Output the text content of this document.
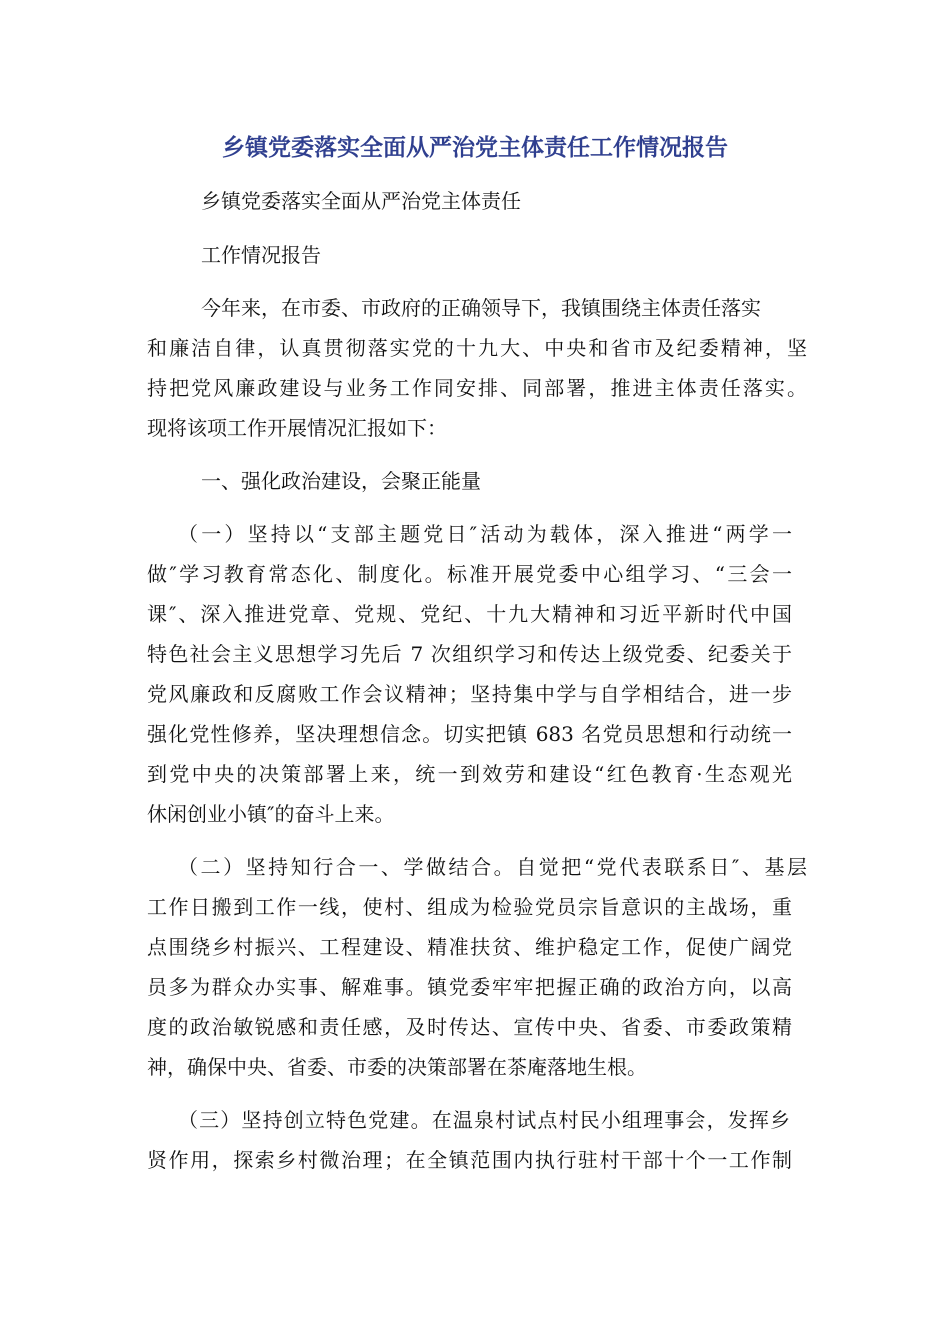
乡镇党委落实全面从严治党主体责任工作情况报告

乡镇党委落实全面从严治党主体责任

工作情况报告

今年来，在市委、市政府的正确领导下，我镇围绕主体责任落实

和廉洁自律，认真贯彻落实党的十九大、中央和省市及纪委精神，坚

持把党风廉政建设与业务工作同安排、同部署，推进主体责任落实。

现将该项工作开展情况汇报如下：

一、强化政治建设，会聚正能量

（一）坚持以“支部主题党日″活动为载体，深入推进“两学一

做″学习教育常态化、制度化。标准开展党委中心组学习、“三会一

课″、深入推进党章、党规、党纪、十九大精神和习近平新时代中国

特色社会主义思想学习先后 7 次组织学习和传达上级党委、纪委关于

党风廉政和反腐败工作会议精神；坚持集中学与自学相结合，进一步

强化党性修养，坚决理想信念。切实把镇 683 名党员思想和行动统一

到党中央的决策部署上来，统一到效劳和建设“红色教育·生态观光

休闲创业小镇″的奋斗上来。

（二）坚持知行合一、学做结合。自觉把“党代表联系日″、基层

工作日搬到工作一线，使村、组成为检验党员宗旨意识的主战场，重

点围绕乡村振兴、工程建设、精准扶贫、维护稳定工作，促使广阔党

员多为群众办实事、解难事。镇党委牢牢把握正确的政治方向，以高

度的政治敏锐感和责任感，及时传达、宣传中央、省委、市委政策精

神，确保中央、省委、市委的决策部署在茶庵落地生根。

（三）坚持创立特色党建。在温泉村试点村民小组理事会，发挥乡

贤作用，探索乡村微治理；在全镇范围内执行驻村干部十个一工作制
